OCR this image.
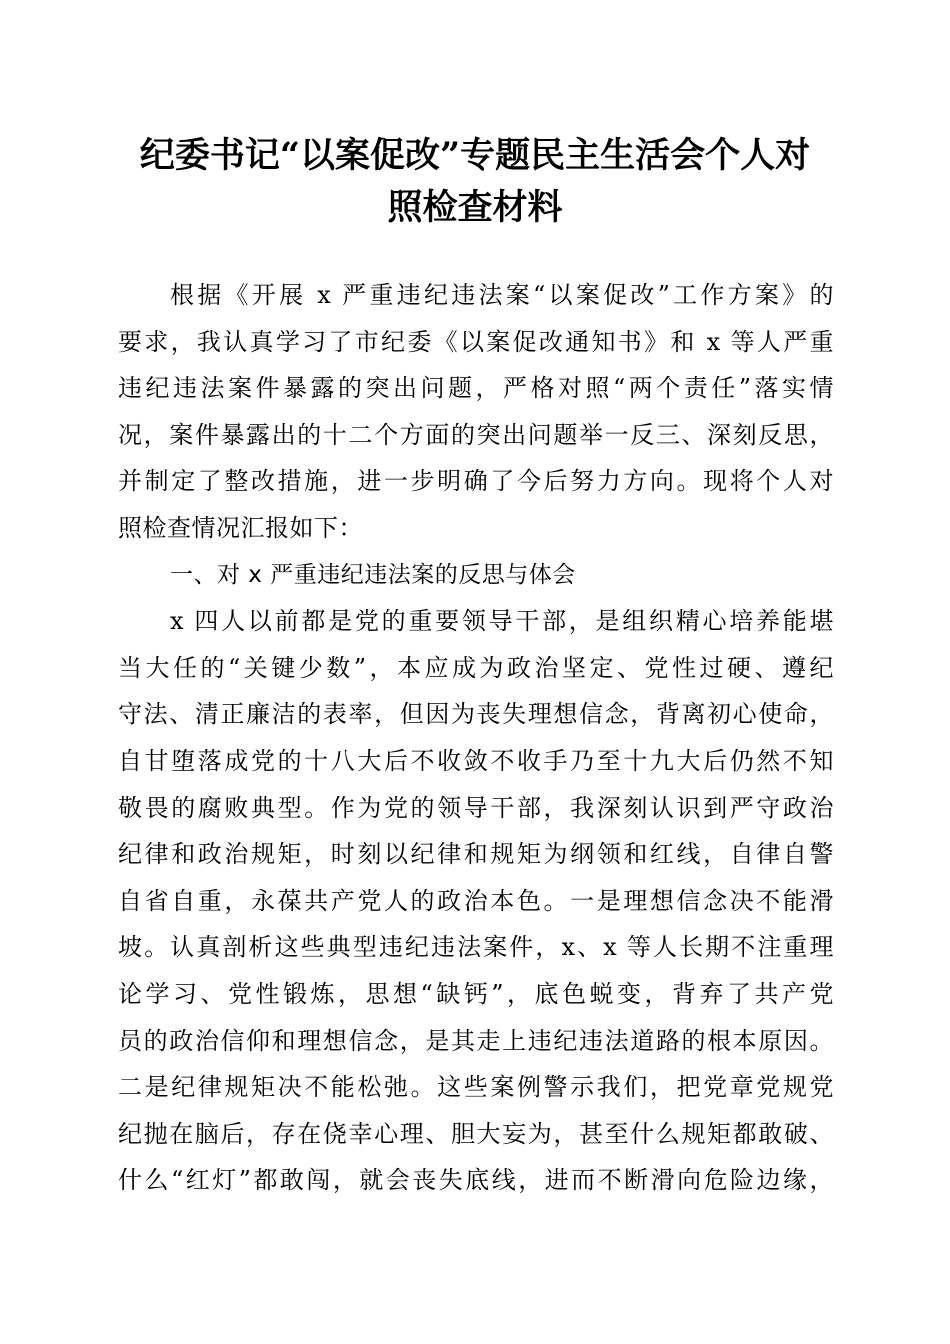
纪委书记“以案促改”专题民主生活会个人对
照检查材料
根据《开展 x 严重违纪违法案“以案促改”工作方案》的
要求，我认真学习了市纪委《以案促改通知书》和 x 等人严重
违纪违法案件暴露的突出问题，严格对照“两个责任”落实情
况，案件暴露出的十二个方面的突出问题举一反三、深刻反思，
并制定了整改措施，进一步明确了今后努力方向。现将个人对
照检查情况汇报如下：
一、对 x 严重违纪违法案的反思与体会
x 四人以前都是党的重要领导干部，是组织精心培养能堪
当大任的“关键少数”，本应成为政治坚定、党性过硬、遵纪
守法、清正廉洁的表率，但因为丧失理想信念，背离初心使命，
自甘堕落成党的十八大后不收敛不收手乃至十九大后仍然不知
敬畏的腐败典型。作为党的领导干部，我深刻认识到严守政治
纪律和政治规矩，时刻以纪律和规矩为纲领和红线，自律自警
自省自重，永葆共产党人的政治本色。一是理想信念决不能滑
坡。认真剖析这些典型违纪违法案件，x、x 等人长期不注重理
论学习、党性锻炼，思想“缺钙”，底色蜕变，背弃了共产党
员的政治信仰和理想信念，是其走上违纪违法道路的根本原因。
二是纪律规矩决不能松弛。这些案例警示我们，把党章党规党
纪抛在脑后，存在侥幸心理、胆大妄为，甚至什么规矩都敢破、
什么“红灯”都敢闯，就会丧失底线，进而不断滑向危险边缘，
